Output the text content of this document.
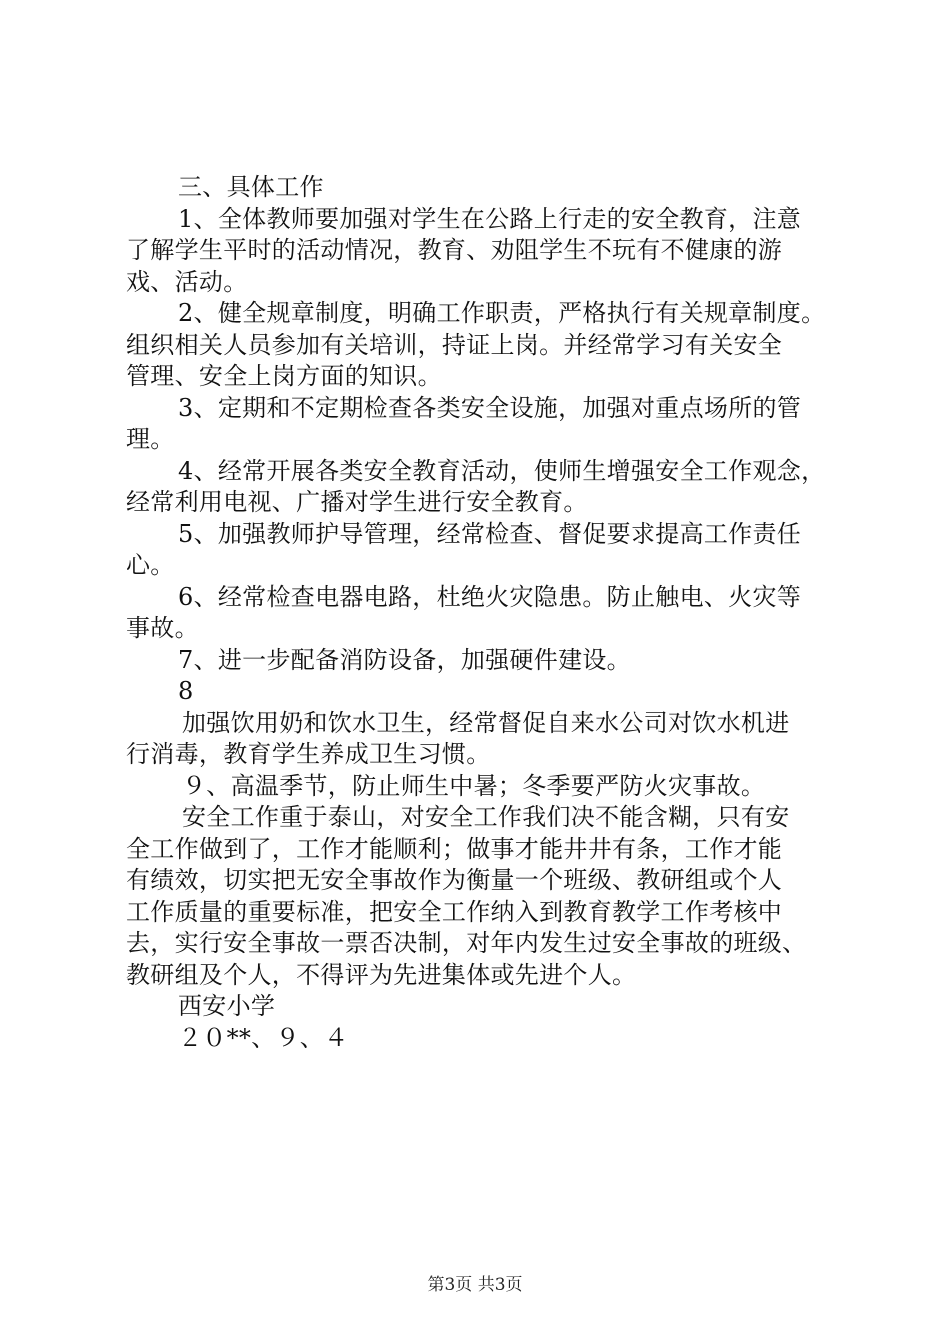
三、具体工作
1、全体教师要加强对学生在公路上行走的安全教育，注意
了解学生平时的活动情况，教育、劝阻学生不玩有不健康的游
戏、活动。
2、健全规章制度，明确工作职责，严格执行有关规章制度。
组织相关人员参加有关培训，持证上岗。并经常学习有关安全
管理、安全上岗方面的知识。
3、定期和不定期检查各类安全设施，加强对重点场所的管
理。
4、经常开展各类安全教育活动，使师生增强安全工作观念，
经常利用电视、广播对学生进行安全教育。
5、加强教师护导管理，经常检查、督促要求提高工作责任
心。
6、经常检查电器电路，杜绝火灾隐患。防止触电、火灾等
事故。
7、进一步配备消防设备，加强硬件建设。
8
加强饮用奶和饮水卫生，经常督促自来水公司对饮水机进
行消毒，教育学生养成卫生习惯。
９、高温季节，防止师生中暑；冬季要严防火灾事故。
安全工作重于泰山，对安全工作我们决不能含糊，只有安
全工作做到了，工作才能顺利；做事才能井井有条，工作才能
有绩效，切实把无安全事故作为衡量一个班级、教研组或个人
工作质量的重要标准，把安全工作纳入到教育教学工作考核中
去，实行安全事故一票否决制，对年内发生过安全事故的班级、
教研组及个人，不得评为先进集体或先进个人。
西安小学
２０**、９、４
第3页 共3页
